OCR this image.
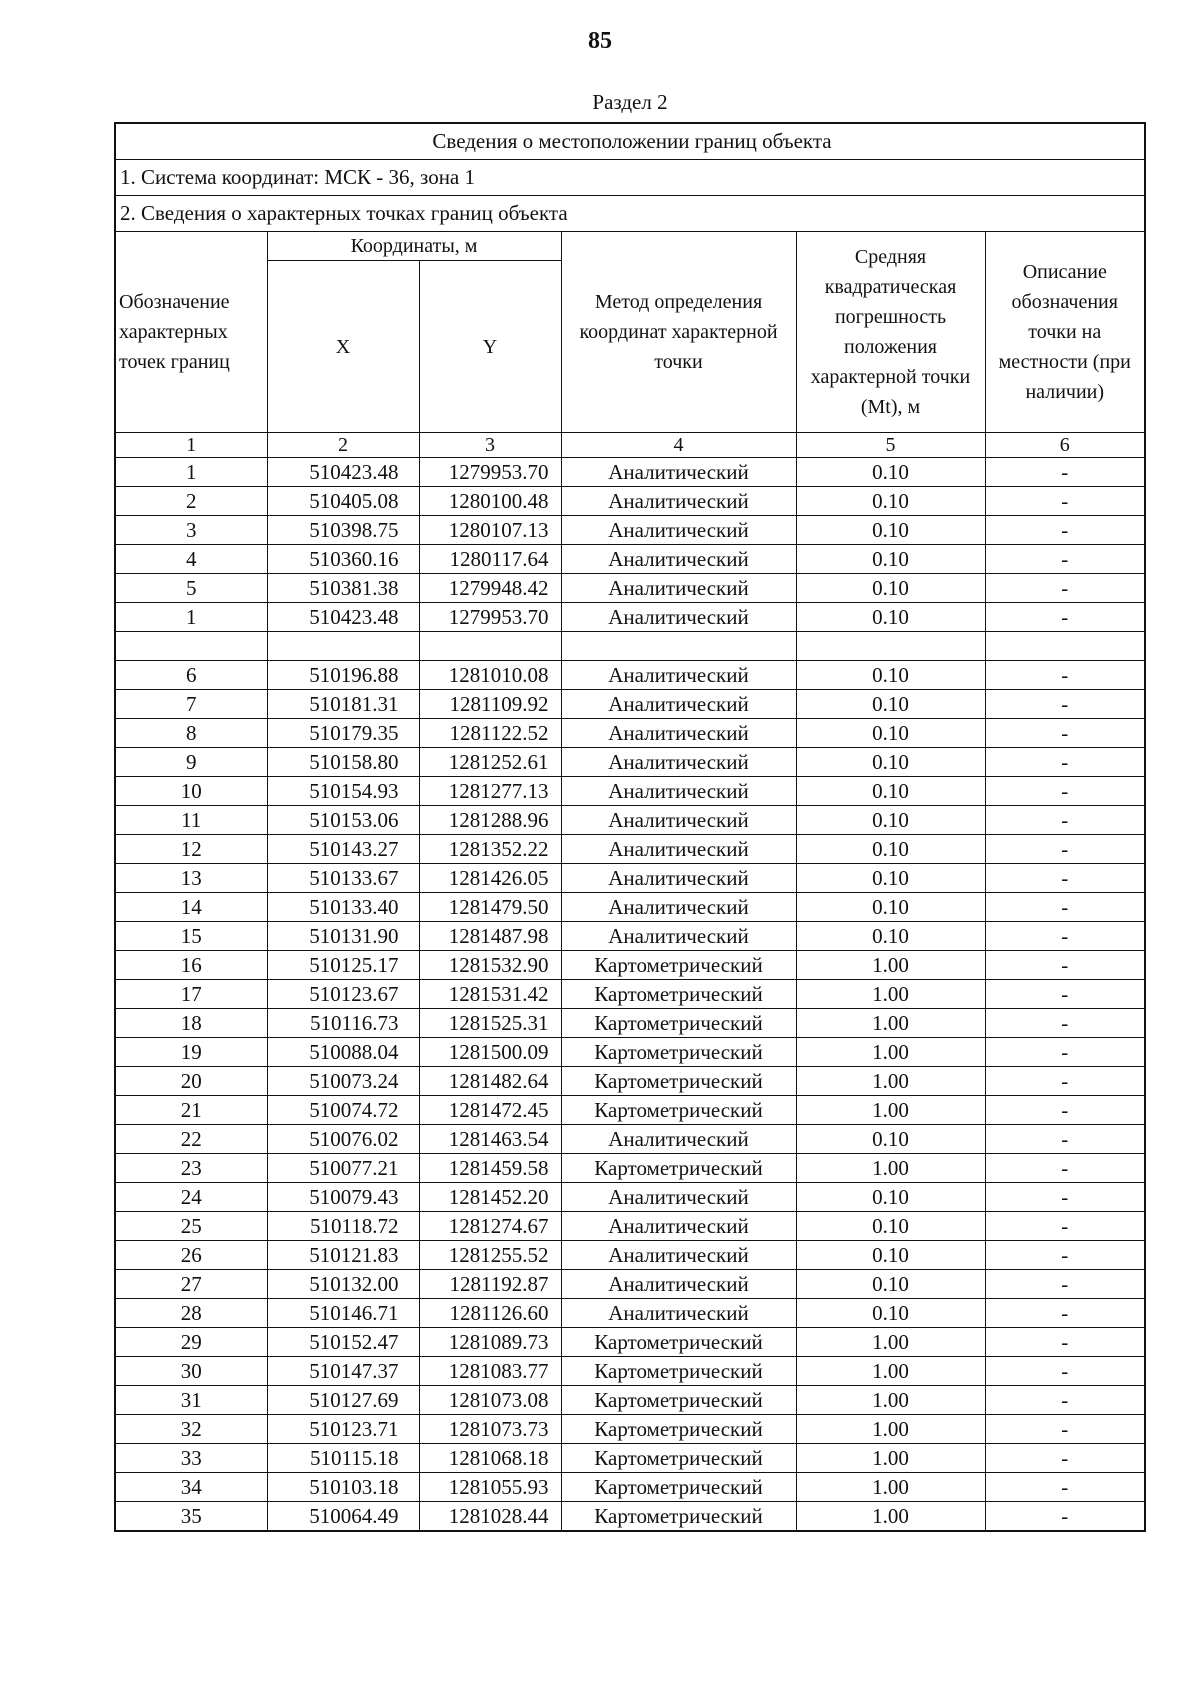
85
Раздел 2
Сведения о местоположении границ объекта					
1. Система координат: МСК - 36, зона 1					
2. Сведения о характерных точках границ объекта					
Обозначение характерных точек границ	Координаты, м		Метод определения координат характерной точки	Средняя квадратическая погрешность положения характерной точки (Mt), м	Описание обозначения точки на местности (при наличии)
	X	Y			
1	2	3	4	5	6
1	510423.48	1279953.70	Аналитический	0.10	-
2	510405.08	1280100.48	Аналитический	0.10	-
3	510398.75	1280107.13	Аналитический	0.10	-
4	510360.16	1280117.64	Аналитический	0.10	-
5	510381.38	1279948.42	Аналитический	0.10	-
1	510423.48	1279953.70	Аналитический	0.10	-

6	510196.88	1281010.08	Аналитический	0.10	-
7	510181.31	1281109.92	Аналитический	0.10	-
8	510179.35	1281122.52	Аналитический	0.10	-
9	510158.80	1281252.61	Аналитический	0.10	-
10	510154.93	1281277.13	Аналитический	0.10	-
11	510153.06	1281288.96	Аналитический	0.10	-
12	510143.27	1281352.22	Аналитический	0.10	-
13	510133.67	1281426.05	Аналитический	0.10	-
14	510133.40	1281479.50	Аналитический	0.10	-
15	510131.90	1281487.98	Аналитический	0.10	-
16	510125.17	1281532.90	Картометрический	1.00	-
17	510123.67	1281531.42	Картометрический	1.00	-
18	510116.73	1281525.31	Картометрический	1.00	-
19	510088.04	1281500.09	Картометрический	1.00	-
20	510073.24	1281482.64	Картометрический	1.00	-
21	510074.72	1281472.45	Картометрический	1.00	-
22	510076.02	1281463.54	Аналитический	0.10	-
23	510077.21	1281459.58	Картометрический	1.00	-
24	510079.43	1281452.20	Аналитический	0.10	-
25	510118.72	1281274.67	Аналитический	0.10	-
26	510121.83	1281255.52	Аналитический	0.10	-
27	510132.00	1281192.87	Аналитический	0.10	-
28	510146.71	1281126.60	Аналитический	0.10	-
29	510152.47	1281089.73	Картометрический	1.00	-
30	510147.37	1281083.77	Картометрический	1.00	-
31	510127.69	1281073.08	Картометрический	1.00	-
32	510123.71	1281073.73	Картометрический	1.00	-
33	510115.18	1281068.18	Картометрический	1.00	-
34	510103.18	1281055.93	Картометрический	1.00	-
35	510064.49	1281028.44	Картометрический	1.00	-
